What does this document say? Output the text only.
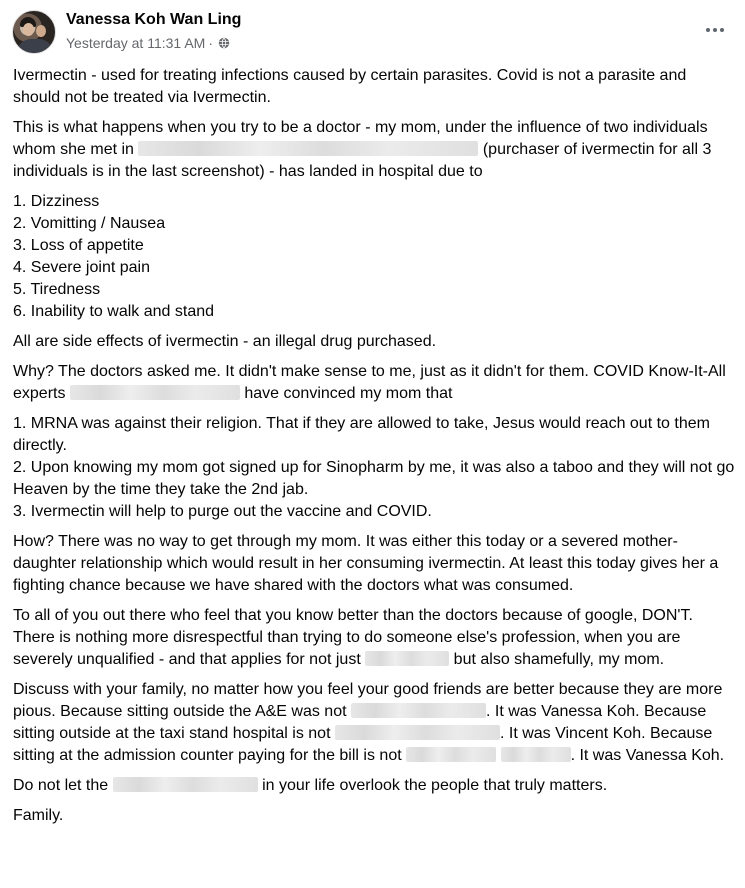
Vanessa Koh Wan Ling
Yesterday at 11:31 AM ·

Ivermectin - used for treating infections caused by certain parasites. Covid is not a parasite and should not be treated via Ivermectin.

This is what happens when you try to be a doctor - my mom, under the influence of two individuals whom she met in	(purchaser of ivermectin for all 3 individuals is in the last screenshot) - has landed in hospital due to

1. Dizziness
2. Vomitting / Nausea
3. Loss of appetite
4. Severe joint pain
5. Tiredness
6. Inability to walk and stand

All are side effects of ivermectin - an illegal drug purchased.

Why? The doctors asked me. It didn't make sense to me, just as it didn't for them. COVID Know-It-All experts	have convinced my mom that

1. MRNA was against their religion. That if they are allowed to take, Jesus would reach out to them directly.
2. Upon knowing my mom got signed up for Sinopharm by me, it was also a taboo and they will not go Heaven by the time they take the 2nd jab.
3. Ivermectin will help to purge out the vaccine and COVID.

How? There was no way to get through my mom. It was either this today or a severed mother-daughter relationship which would result in her consuming ivermectin. At least this today gives her a fighting chance because we have shared with the doctors what was consumed.

To all of you out there who feel that you know better than the doctors because of google, DON'T. There is nothing more disrespectful than trying to do someone else's profession, when you are severely unqualified - and that applies for not just	but also shamefully, my mom.

Discuss with your family, no matter how you feel your good friends are better because they are more pious. Because sitting outside the A&E was not	. It was Vanessa Koh. Because sitting outside at the taxi stand hospital is not	. It was Vincent Koh. Because sitting at the admission counter paying for the bill is not	. It was Vanessa Koh.

Do not let the	in your life overlook the people that truly matters.

Family.
